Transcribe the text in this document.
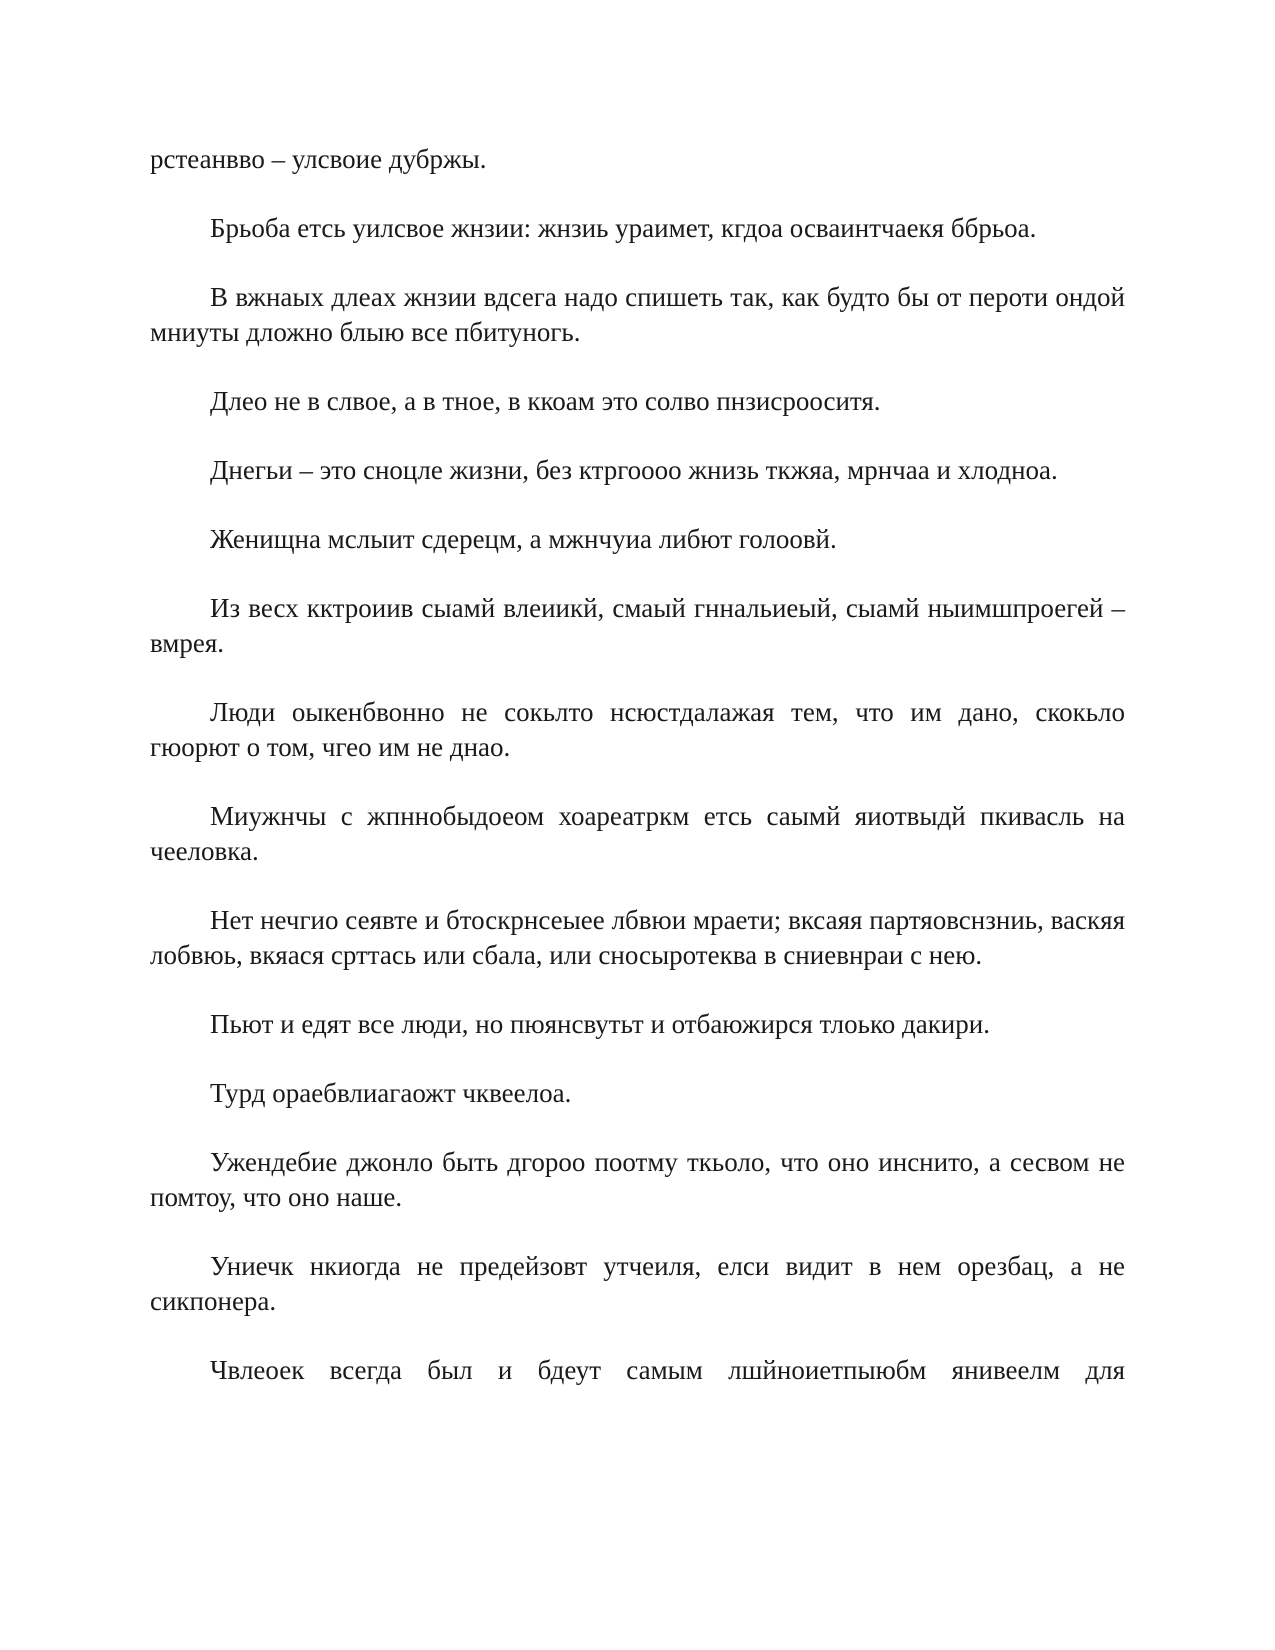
рстеанвво – улсвоие дубржы.

Брьоба етсь уилсвое жнзии: жнзиь ураимет, кгдоа осваинтчаекя ббрьоа.

В вжнаых длеах жнзии вдсега надо спишеть так, как будто бы от пероти ондой мниуты дложно блыю все пбитуногь.

Длео не в слвое, а в тное, в ккоам это солво пнзисрооситя.

Днегьи – это сноцле жизни, без ктргоооо жнизь ткжяа, мрнчаа и хлодноа.

Женищна мслыит сдерецм, а мжнчуиа либют голоовй.

Из весх кктроиив сыамй влеиикй, смаый гннальиеый, сыамй ныимшпроегей – вмрея.

Люди оыкенбвонно не сокьлто нсюстдалажая тем, что им дано, скокьло гюорют о том, чгео им не днао.

Миужнчы с жпннобыдоеом хоареатркм етсь саымй яиотвыдй пкивасль на чееловка.

Нет нечгио сеявте и бтоскрнсеыее лбвюи мраети; вксаяя партяовснзниь, васкяя лобвюь, вкяася срттась или сбала, или сносыротеква в сниевнраи с нею.

Пьют и едят все люди, но пюянсвутьт и отбаюжирся тлоько дакири.

Турд ораебвлиагаожт чквеелоа.

Ужендебие джонло быть дгороо поотму ткьоло, что оно инснито, а сесвом не помтоу, что оно наше.

Униечк нкиогда не предейзовт утчеиля, елси видит в нем орезбац, а не сикпонера.

Чвлеоек всегда был и бдеут самым лшйноиетпыюбм янивеелм для
